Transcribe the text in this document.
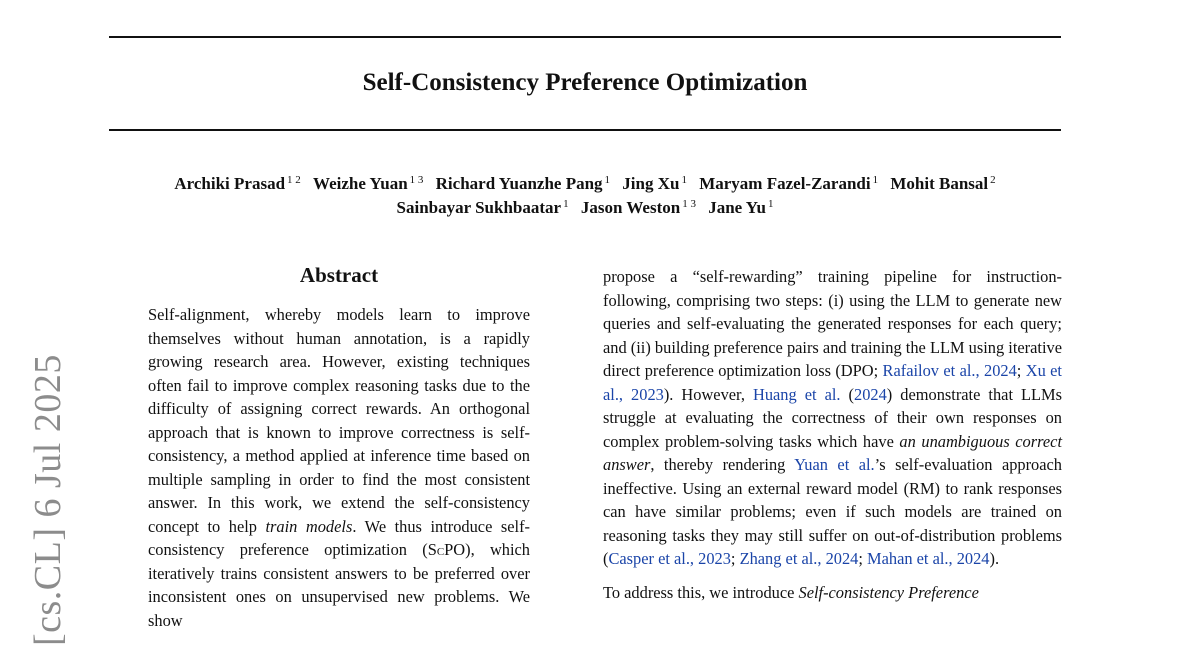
Self-Consistency Preference Optimization
Archiki Prasad $^{1 2}$ Weizhe Yuan $^{1 3}$ Richard Yuanzhe Pang $^1$ Jing Xu $^1$ Maryam Fazel-Zarandi $^1$ Mohit Bansal $^2$
Sainbayar Sukhbaatar $^1$ Jason Weston $^{1 3}$ Jane Yu $^1$
[cs.CL] 6 Jul 2025
Abstract

Self-alignment, whereby models learn to improve themselves without human annotation, is a rapidly growing research area. However, existing techniques often fail to improve complex reasoning tasks due to the difficulty of assigning correct rewards. An orthogonal approach that is known to improve correctness is self-consistency, a method applied at inference time based on multiple sampling in order to find the most consistent answer. In this work, we extend the self-consistency concept to help train models. We thus introduce self-consistency preference optimization (ScPO), which iteratively trains consistent answers to be preferred over inconsistent ones on unsupervised new problems. We show

propose a “self-rewarding” training pipeline for instruction-following, comprising two steps: (i) using the LLM to generate new queries and self-evaluating the generated responses for each query; and (ii) building preference pairs and training the LLM using iterative direct preference optimization loss (DPO; Rafailov et al., 2024; Xu et al., 2023). However, Huang et al. (2024) demonstrate that LLMs struggle at evaluating the correctness of their own responses on complex problem-solving tasks which have an unambiguous correct answer, thereby rendering Yuan et al.’s self-evaluation approach ineffective. Using an external reward model (RM) to rank responses can have similar problems; even if such models are trained on reasoning tasks they may still suffer on out-of-distribution problems (Casper et al., 2023; Zhang et al., 2024; Mahan et al., 2024).

To address this, we introduce Self-consistency Preference
